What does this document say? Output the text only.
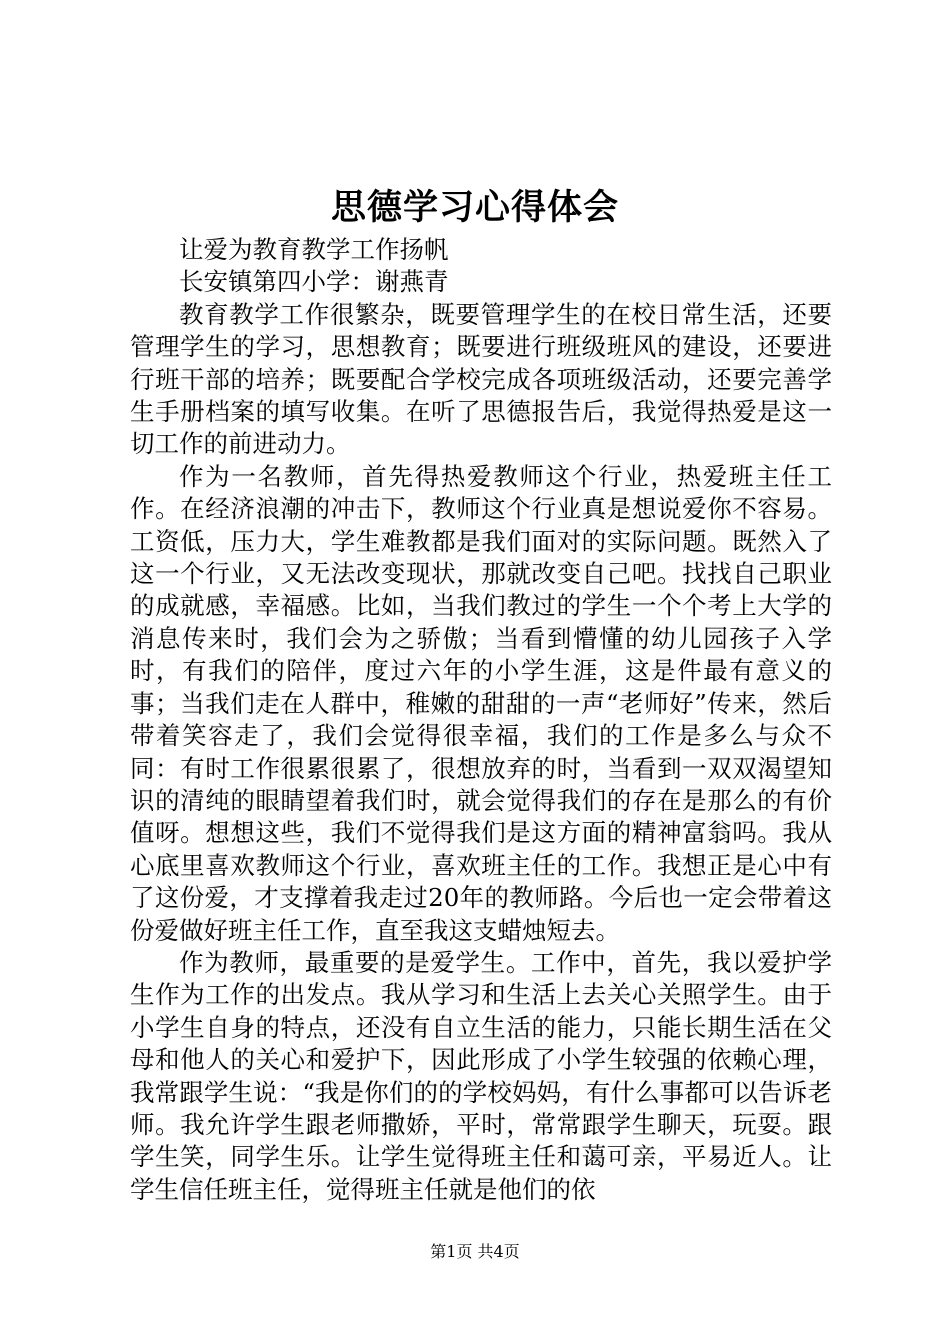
思德学习心得体会

让爱为教育教学工作扬帆

长安镇第四小学：谢燕青

教育教学工作很繁杂，既要管理学生的在校日常生活，还要管理学生的学习，思想教育；既要进行班级班风的建设，还要进行班干部的培养；既要配合学校完成各项班级活动，还要完善学生手册档案的填写收集。在听了思德报告后，我觉得热爱是这一切工作的前进动力。

作为一名教师，首先得热爱教师这个行业，热爱班主任工作。在经济浪潮的冲击下，教师这个行业真是想说爱你不容易。工资低，压力大，学生难教都是我们面对的实际问题。既然入了这一个行业，又无法改变现状，那就改变自己吧。找找自己职业的成就感，幸福感。比如，当我们教过的学生一个个考上大学的消息传来时，我们会为之骄傲；当看到懵懂的幼儿园孩子入学时，有我们的陪伴，度过六年的小学生涯，这是件最有意义的事；当我们走在人群中，稚嫩的甜甜的一声“老师好”传来，然后带着笑容走了，我们会觉得很幸福，我们的工作是多么与众不同：有时工作很累很累了，很想放弃的时，当看到一双双渴望知识的清纯的眼睛望着我们时，就会觉得我们的存在是那么的有价值呀。想想这些，我们不觉得我们是这方面的精神富翁吗。我从心底里喜欢教师这个行业，喜欢班主任的工作。我想正是心中有了这份爱，才支撑着我走过20年的教师路。今后也一定会带着这份爱做好班主任工作，直至我这支蜡烛短去。

作为教师，最重要的是爱学生。工作中，首先，我以爱护学生作为工作的出发点。我从学习和生活上去关心关照学生。由于小学生自身的特点，还没有自立生活的能力，只能长期生活在父母和他人的关心和爱护下，因此形成了小学生较强的依赖心理，我常跟学生说：“我是你们的的学校妈妈，有什么事都可以告诉老师。我允许学生跟老师撒娇，平时，常常跟学生聊天，玩耍。跟学生笑，同学生乐。让学生觉得班主任和蔼可亲，平易近人。让学生信任班主任，觉得班主任就是他们的依

第1页 共4页
